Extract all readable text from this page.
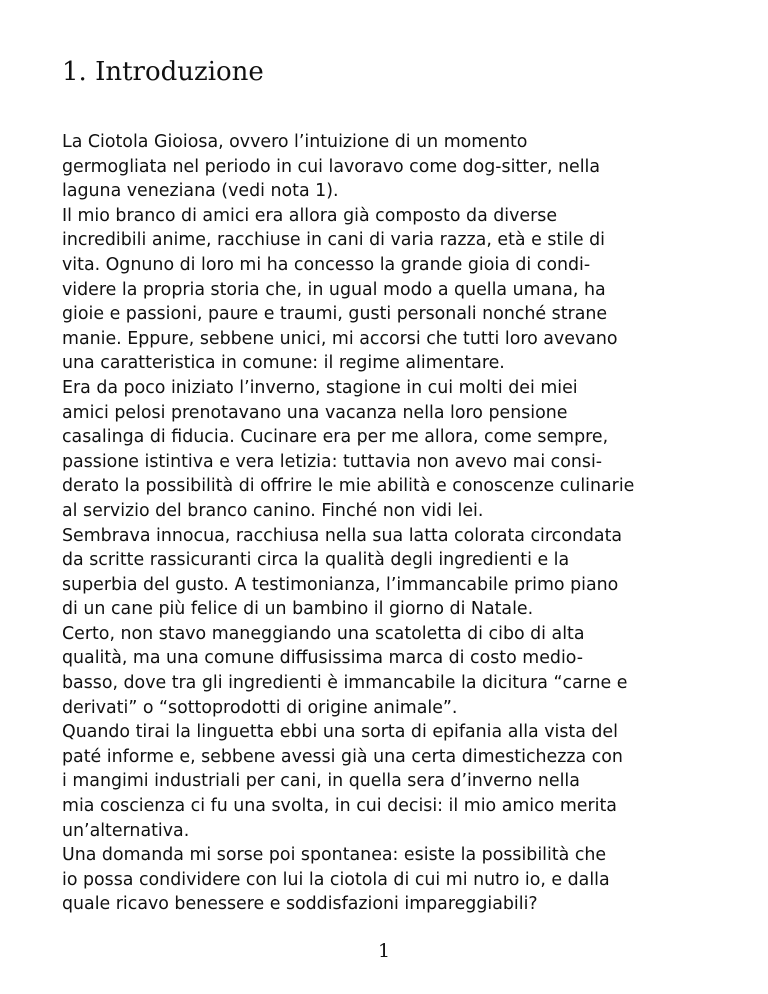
1. Introduzione
La Ciotola Gioiosa, ovvero l’intuizione di un momento
germogliata nel periodo in cui lavoravo come dog-sitter, nella
laguna veneziana (vedi nota 1).
Il mio branco di amici era allora già composto da diverse
incredibili anime, racchiuse in cani di varia razza, età e stile di
vita. Ognuno di loro mi ha concesso la grande gioia di condi-
videre la propria storia che, in ugual modo a quella umana, ha
gioie e passioni, paure e traumi, gusti personali nonché strane
manie. Eppure, sebbene unici, mi accorsi che tutti loro avevano
una caratteristica in comune: il regime alimentare.
Era da poco iniziato l’inverno, stagione in cui molti dei miei
amici pelosi prenotavano una vacanza nella loro pensione
casalinga di fiducia. Cucinare era per me allora, come sempre,
passione istintiva e vera letizia: tuttavia non avevo mai consi-
derato la possibilità di offrire le mie abilità e conoscenze culinarie
al servizio del branco canino. Finché non vidi lei.
Sembrava innocua, racchiusa nella sua latta colorata circondata
da scritte rassicuranti circa la qualità degli ingredienti e la
superbia del gusto. A testimonianza, l’immancabile primo piano
di un cane più felice di un bambino il giorno di Natale.
Certo, non stavo maneggiando una scatoletta di cibo di alta
qualità, ma una comune diffusissima marca di costo medio-
basso, dove tra gli ingredienti è immancabile la dicitura “carne e
derivati” o “sottoprodotti di origine animale”.
Quando tirai la linguetta ebbi una sorta di epifania alla vista del
paté informe e, sebbene avessi già una certa dimestichezza con
i mangimi industriali per cani, in quella sera d’inverno nella
mia coscienza ci fu una svolta, in cui decisi: il mio amico merita
un’alternativa.
Una domanda mi sorse poi spontanea: esiste la possibilità che
io possa condividere con lui la ciotola di cui mi nutro io, e dalla
quale ricavo benessere e soddisfazioni impareggiabili?
1
